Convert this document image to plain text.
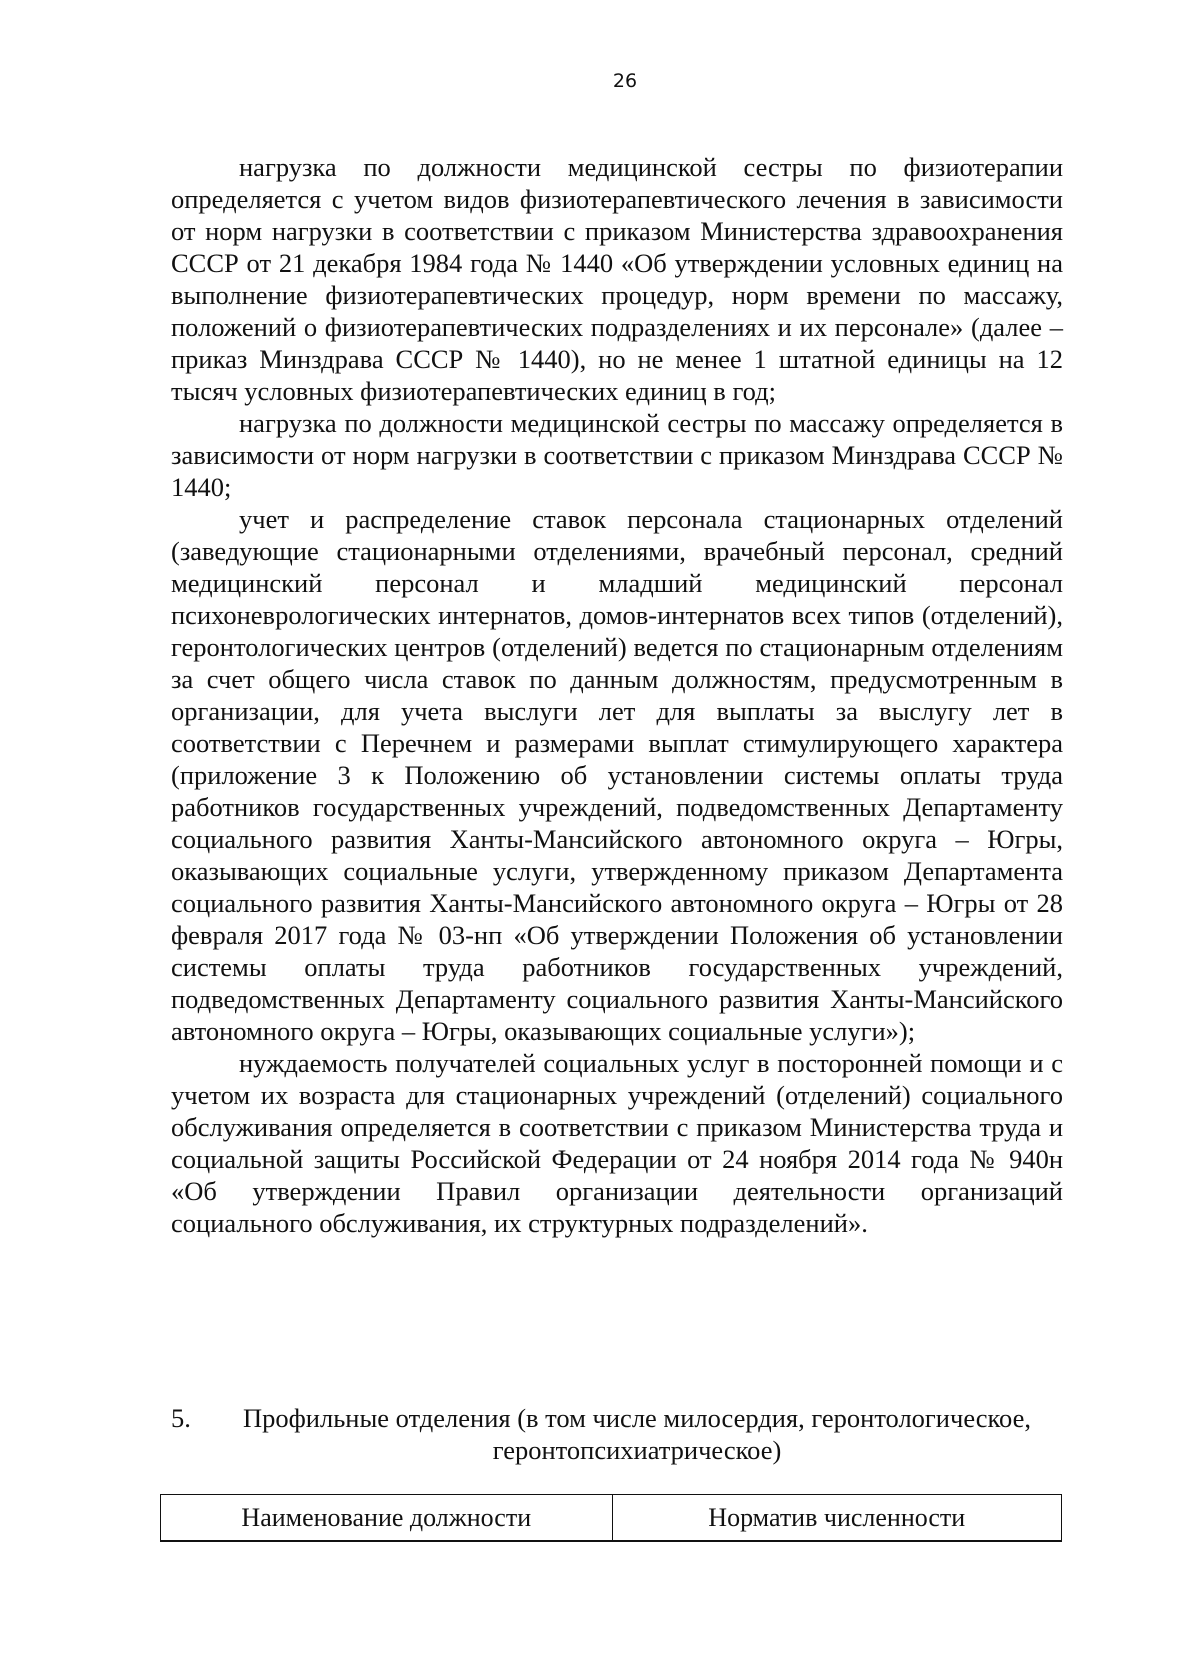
26

нагрузка по должности медицинской сестры по физиотерапии определяется с учетом видов физиотерапевтического лечения в зависимости от норм нагрузки в соответствии с приказом Министерства здравоохранения СССР от 21 декабря 1984 года № 1440 «Об утверждении условных единиц на выполнение физиотерапевтических процедур, норм времени по массажу, положений о физиотерапевтических подразделениях и их персонале» (далее – приказ Минздрава СССР № 1440), но не менее 1 штатной единицы на 12 тысяч условных физиотерапевтических единиц в год;

нагрузка по должности медицинской сестры по массажу определяется в зависимости от норм нагрузки в соответствии с приказом Минздрава СССР № 1440;

учет и распределение ставок персонала стационарных отделений (заведующие стационарными отделениями, врачебный персонал, средний медицинский персонал и младший медицинский персонал психоневрологических интернатов, домов-интернатов всех типов (отделений), геронтологических центров (отделений) ведется по стационарным отделениям за счет общего числа ставок по данным должностям, предусмотренным в организации, для учета выслуги лет для выплаты за выслугу лет в соответствии с Перечнем и размерами выплат стимулирующего характера (приложение 3 к Положению об установлении системы оплаты труда работников государственных учреждений, подведомственных Департаменту социального развития Ханты-Мансийского автономного округа – Югры, оказывающих социальные услуги, утвержденному приказом Департамента социального развития Ханты-Мансийского автономного округа – Югры от 28 февраля 2017 года № 03-нп «Об утверждении Положения об установлении системы оплаты труда работников государственных учреждений, подведомственных Департаменту социального развития Ханты-Мансийского автономного округа – Югры, оказывающих социальные услуги»);

нуждаемость получателей социальных услуг в посторонней помощи и с учетом их возраста для стационарных учреждений (отделений) социального обслуживания определяется в соответствии с приказом Министерства труда и социальной защиты Российской Федерации от 24 ноября 2014 года № 940н «Об утверждении Правил организации деятельности организаций социального обслуживания, их структурных подразделений».

5.	Профильные отделения (в том числе милосердия, геронтологическое, геронтопсихиатрическое)
Наименование должности	Норматив численности
